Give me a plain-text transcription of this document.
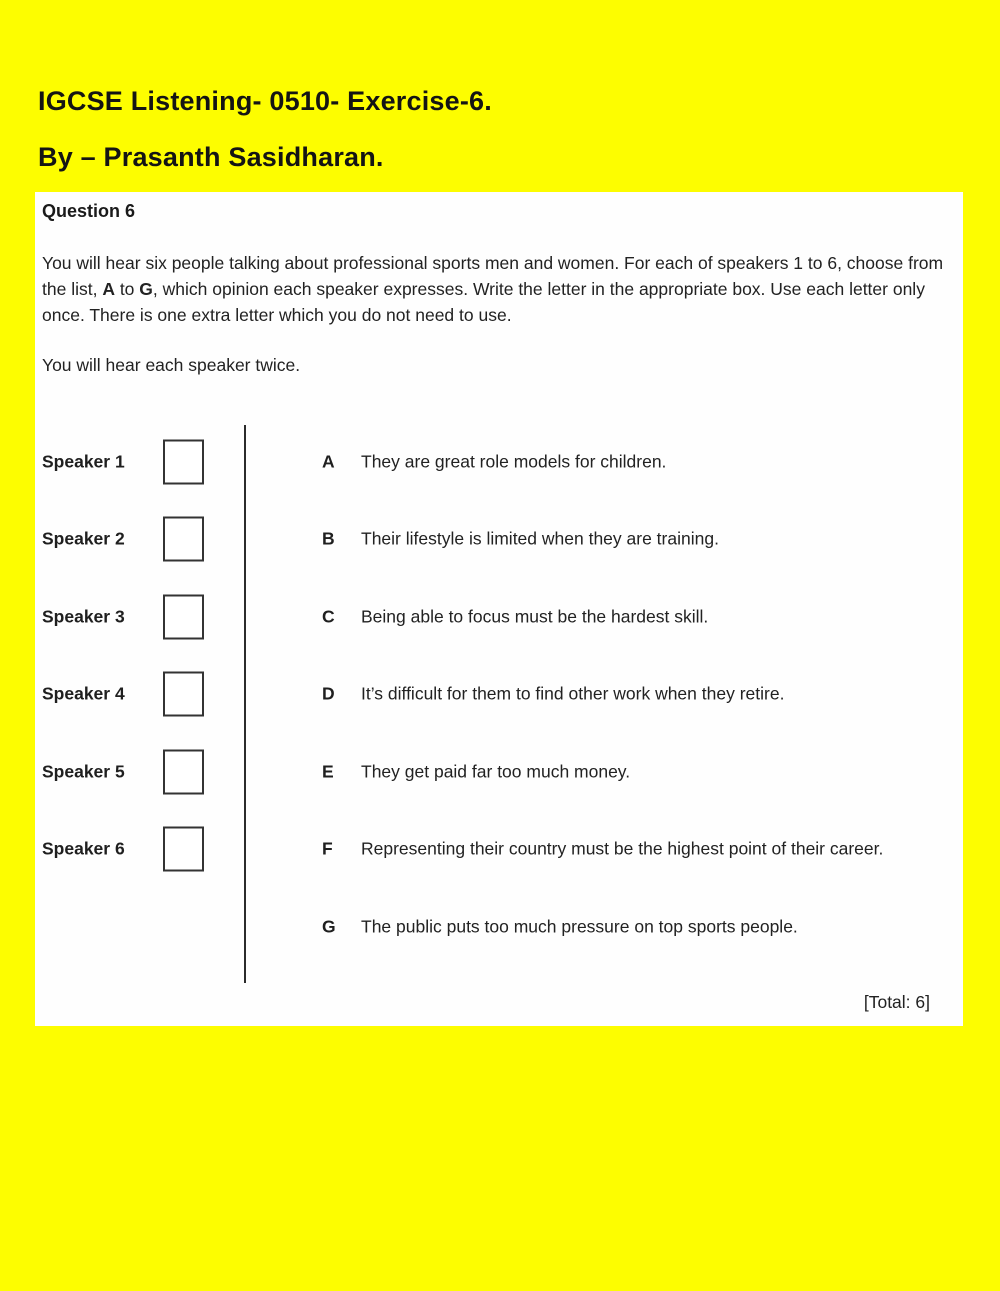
IGCSE Listening- 0510- Exercise-6.
By – Prasanth Sasidharan.
Question 6
You will hear six people talking about professional sports men and women. For each of speakers 1 to 6, choose from the list, A to G, which opinion each speaker expresses. Write the letter in the appropriate box. Use each letter only once. There is one extra letter which you do not need to use.
You will hear each speaker twice.
Speaker 1
Speaker 2
Speaker 3
Speaker 4
Speaker 5
Speaker 6
A They are great role models for children.
B Their lifestyle is limited when they are training.
C Being able to focus must be the hardest skill.
D It’s difficult for them to find other work when they retire.
E They get paid far too much money.
F Representing their country must be the highest point of their career.
G The public puts too much pressure on top sports people.
[Total: 6]
